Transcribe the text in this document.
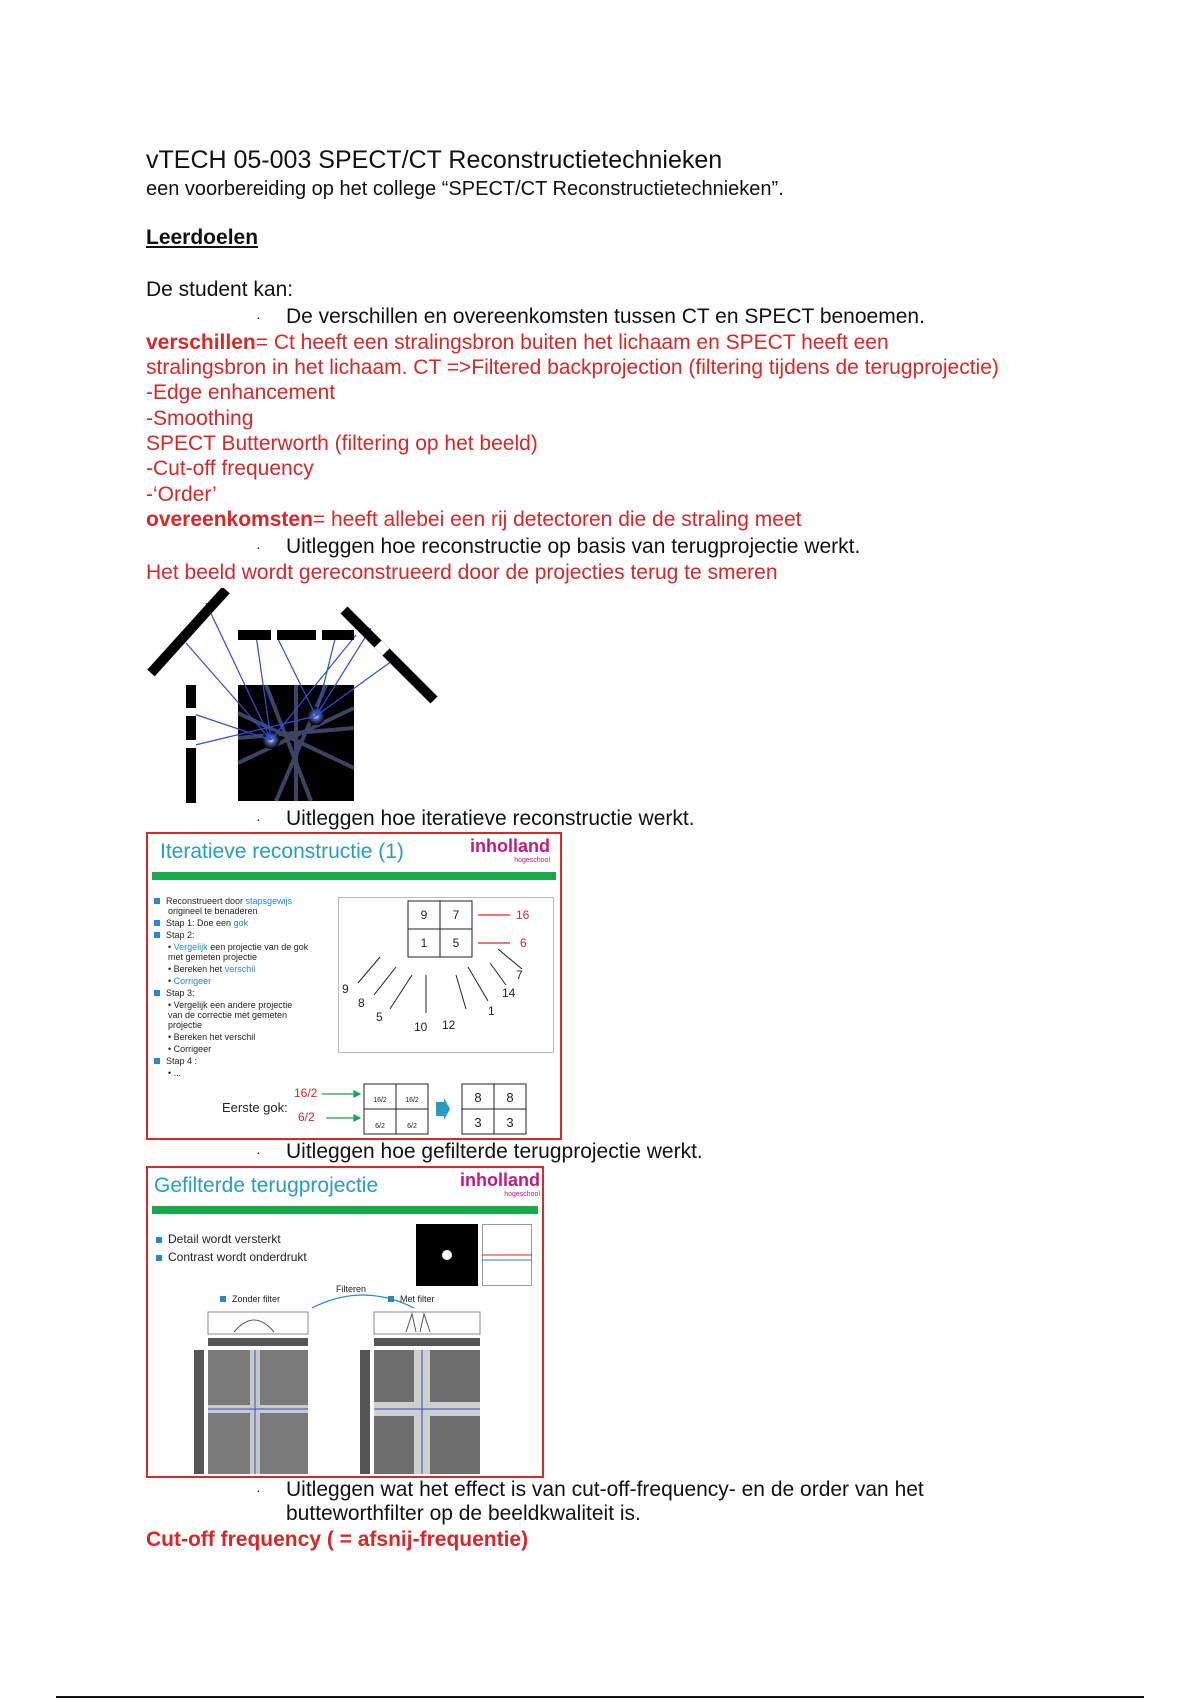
vTECH 05-003 SPECT/CT Reconstructietechnieken
een voorbereiding op het college “SPECT/CT Reconstructietechnieken”.
Leerdoelen
De student kan:
· De verschillen en overeenkomsten tussen CT en SPECT benoemen.
verschillen= Ct heeft een stralingsbron buiten het lichaam en SPECT heeft een
stralingsbron in het lichaam. CT =>Filtered backprojection (filtering tijdens de terugprojectie)
-Edge enhancement
-Smoothing
SPECT Butterworth (filtering op het beeld)
-Cut-off frequency
-‘Order’
overeenkomsten= heeft allebei een rij detectoren die de straling meet
· Uitleggen hoe reconstructie op basis van terugprojectie werkt.
Het beeld wordt gereconstrueerd door de projecties terug te smeren
· Uitleggen hoe iteratieve reconstructie werkt.
Iteratieve reconstructie (1)	inholland
hogeschool
Reconstrueert door stapsgewijs
origineel te benaderen
Stap 1: Doe een gok
Stap 2:
• Vergelijk een projectie van de gok
met gemeten projectie
• Bereken het verschil
• Corrigeer
Stap 3:
• Vergelijk een andere projectie
van de correctie met gemeten
projectie
• Bereken het verschil
• Corrigeer
Stap 4 :
• ...
9 7
1 5
16
6
9
8
5
10 12
1
14
7
Eerste gok:
16/2
6/2
16/2	16/2
6/2	6/2
8 8
3 3
· Uitleggen hoe gefilterde terugprojectie werkt.
Gefilterde terugprojectie	inholland
hogeschool
Detail wordt versterkt
Contrast wordt onderdrukt
Filteren
Zonder filter	Met filter
· Uitleggen wat het effect is van cut-off-frequency- en de order van het
butteworthfilter op de beeldkwaliteit is.
Cut-off frequency ( = afsnij-frequentie)
